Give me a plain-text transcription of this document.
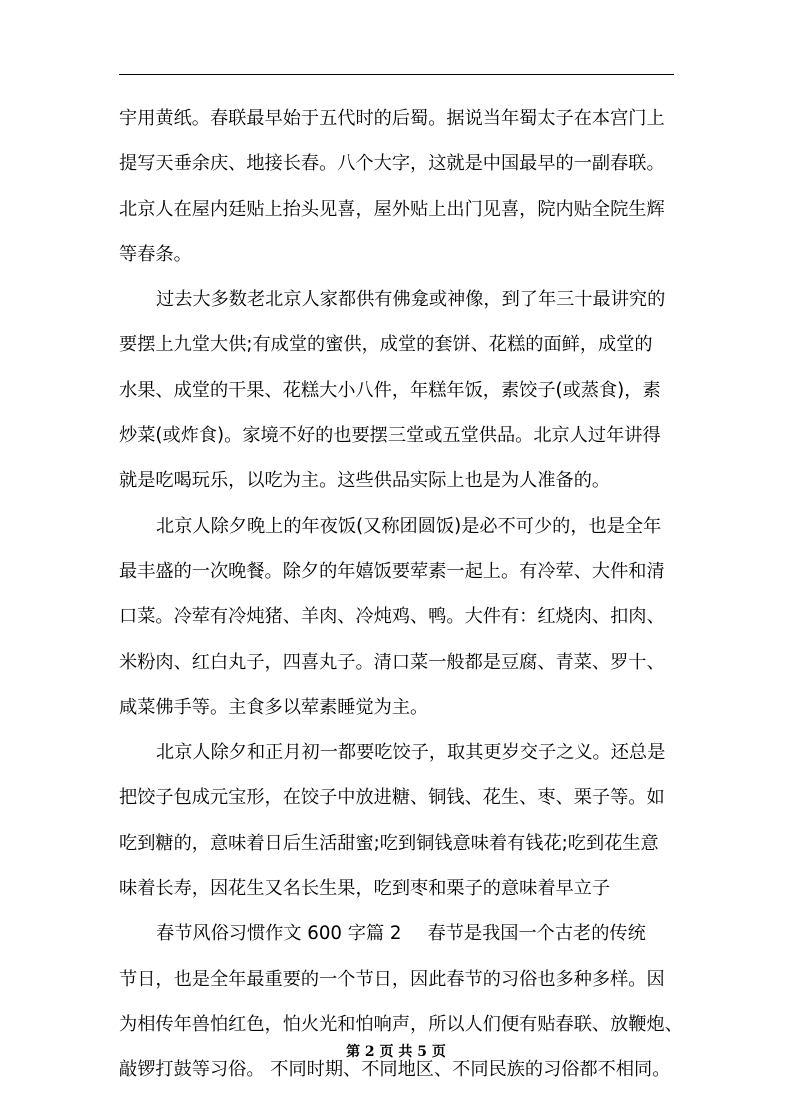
宇用黄纸。春联最早始于五代时的后蜀。据说当年蜀太子在本宫门上
提写天垂余庆、地接长春。八个大字，这就是中国最早的一副春联。
北京人在屋内廷贴上抬头见喜，屋外贴上出门见喜，院内贴全院生辉
等春条。
过去大多数老北京人家都供有佛龛或神像，到了年三十最讲究的
要摆上九堂大供;有成堂的蜜供，成堂的套饼、花糕的面鲜，成堂的
水果、成堂的干果、花糕大小八件，年糕年饭，素饺子(或蒸食)，素
炒菜(或炸食)。家境不好的也要摆三堂或五堂供品。北京人过年讲得
就是吃喝玩乐，以吃为主。这些供品实际上也是为人准备的。
北京人除夕晚上的年夜饭(又称团圆饭)是必不可少的，也是全年
最丰盛的一次晚餐。除夕的年嬉饭要荤素一起上。有冷荤、大件和清
口菜。冷荤有冷炖猪、羊肉、冷炖鸡、鸭。大件有：红烧肉、扣肉、
米粉肉、红白丸子，四喜丸子。清口菜一般都是豆腐、青菜、罗十、
咸菜佛手等。主食多以荤素睡觉为主。
北京人除夕和正月初一都要吃饺子，取其更岁交子之义。还总是
把饺子包成元宝形，在饺子中放进糖、铜钱、花生、枣、栗子等。如
吃到糖的，意味着日后生活甜蜜;吃到铜钱意味着有钱花;吃到花生意
味着长寿，因花生又名长生果，吃到枣和栗子的意味着早立子
春节风俗习惯作文 600 字篇 2 春节是我国一个古老的传统
节日，也是全年最重要的一个节日，因此春节的习俗也多种多样。因
为相传年兽怕红色，怕火光和怕响声，所以人们便有贴春联、放鞭炮、
敲锣打鼓等习俗。 不同时期、不同地区、不同民族的习俗都不相同。
第 2 页 共 5 页
